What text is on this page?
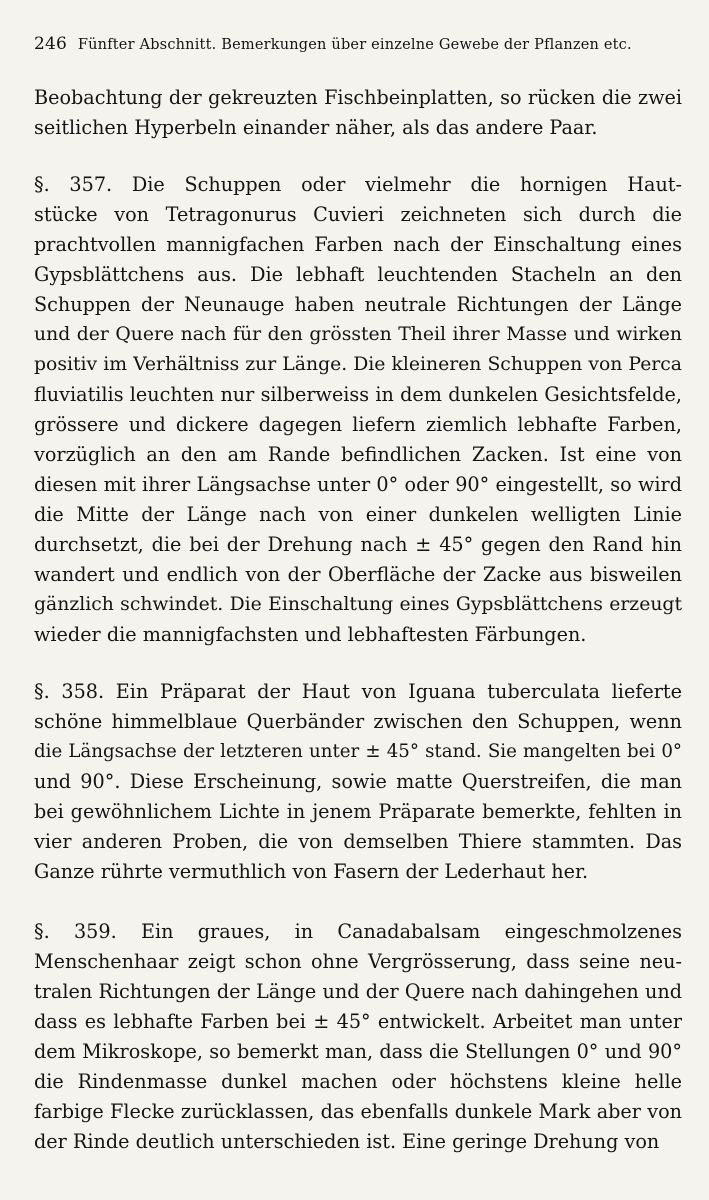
246 Fünfter Abschnitt. Bemerkungen über einzelne Gewebe der Pflanzen etc.

Beobachtung der gekreuzten Fischbeinplatten, so rücken die zwei
seitlichen Hyperbeln einander näher, als das andere Paar.

§. 357. Die Schuppen oder vielmehr die hornigen Haut-
stücke von Tetragonurus Cuvieri zeichneten sich durch die
prachtvollen mannigfachen Farben nach der Einschaltung eines
Gypsblättchens aus. Die lebhaft leuchtenden Stacheln an den
Schuppen der Neunauge haben neutrale Richtungen der Länge
und der Quere nach für den grössten Theil ihrer Masse und wirken
positiv im Verhältniss zur Länge. Die kleineren Schuppen von Perca
fluviatilis leuchten nur silberweiss in dem dunkelen Gesichtsfelde,
grössere und dickere dagegen liefern ziemlich lebhafte Farben,
vorzüglich an den am Rande befindlichen Zacken. Ist eine von
diesen mit ihrer Längsachse unter 0° oder 90° eingestellt, so wird
die Mitte der Länge nach von einer dunkelen welligten Linie
durchsetzt, die bei der Drehung nach ± 45° gegen den Rand hin
wandert und endlich von der Oberfläche der Zacke aus bisweilen
gänzlich schwindet. Die Einschaltung eines Gypsblättchens erzeugt
wieder die mannigfachsten und lebhaftesten Färbungen.

§. 358. Ein Präparat der Haut von Iguana tuberculata lieferte
schöne himmelblaue Querbänder zwischen den Schuppen, wenn
die Längsachse der letzteren unter ± 45° stand. Sie mangelten bei 0°
und 90°. Diese Erscheinung, sowie matte Querstreifen, die man
bei gewöhnlichem Lichte in jenem Präparate bemerkte, fehlten in
vier anderen Proben, die von demselben Thiere stammten. Das
Ganze rührte vermuthlich von Fasern der Lederhaut her.

§. 359. Ein graues, in Canadabalsam eingeschmolzenes
Menschenhaar zeigt schon ohne Vergrösserung, dass seine neu-
tralen Richtungen der Länge und der Quere nach dahingehen und
dass es lebhafte Farben bei ± 45° entwickelt. Arbeitet man unter
dem Mikroskope, so bemerkt man, dass die Stellungen 0° und 90°
die Rindenmasse dunkel machen oder höchstens kleine helle
farbige Flecke zurücklassen, das ebenfalls dunkele Mark aber von
der Rinde deutlich unterschieden ist. Eine geringe Drehung von
